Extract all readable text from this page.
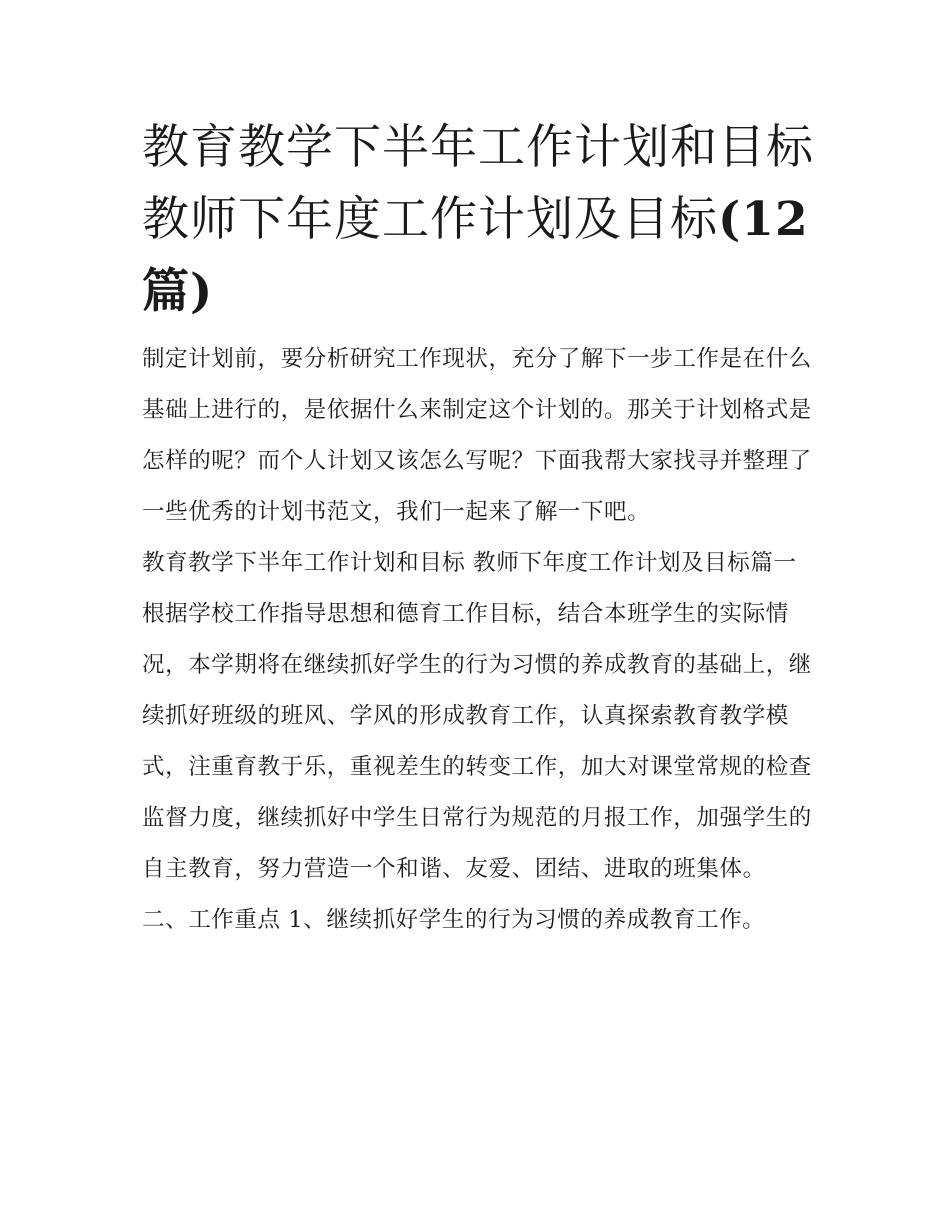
教育教学下半年工作计划和目标 教师下年度工作计划及目标(12篇)

制定计划前，要分析研究工作现状，充分了解下一步工作是在什么基础上进行的，是依据什么来制定这个计划的。那关于计划格式是怎样的呢？而个人计划又该怎么写呢？下面我帮大家找寻并整理了一些优秀的计划书范文，我们一起来了解一下吧。

教育教学下半年工作计划和目标 教师下年度工作计划及目标篇一

根据学校工作指导思想和德育工作目标，结合本班学生的实际情况，本学期将在继续抓好学生的行为习惯的养成教育的基础上，继续抓好班级的班风、学风的形成教育工作，认真探索教育教学模式，注重育教于乐，重视差生的转变工作，加大对课堂常规的检查监督力度，继续抓好中学生日常行为规范的月报工作，加强学生的自主教育，努力营造一个和谐、友爱、团结、进取的班集体。

二、工作重点 1、继续抓好学生的行为习惯的养成教育工作。
